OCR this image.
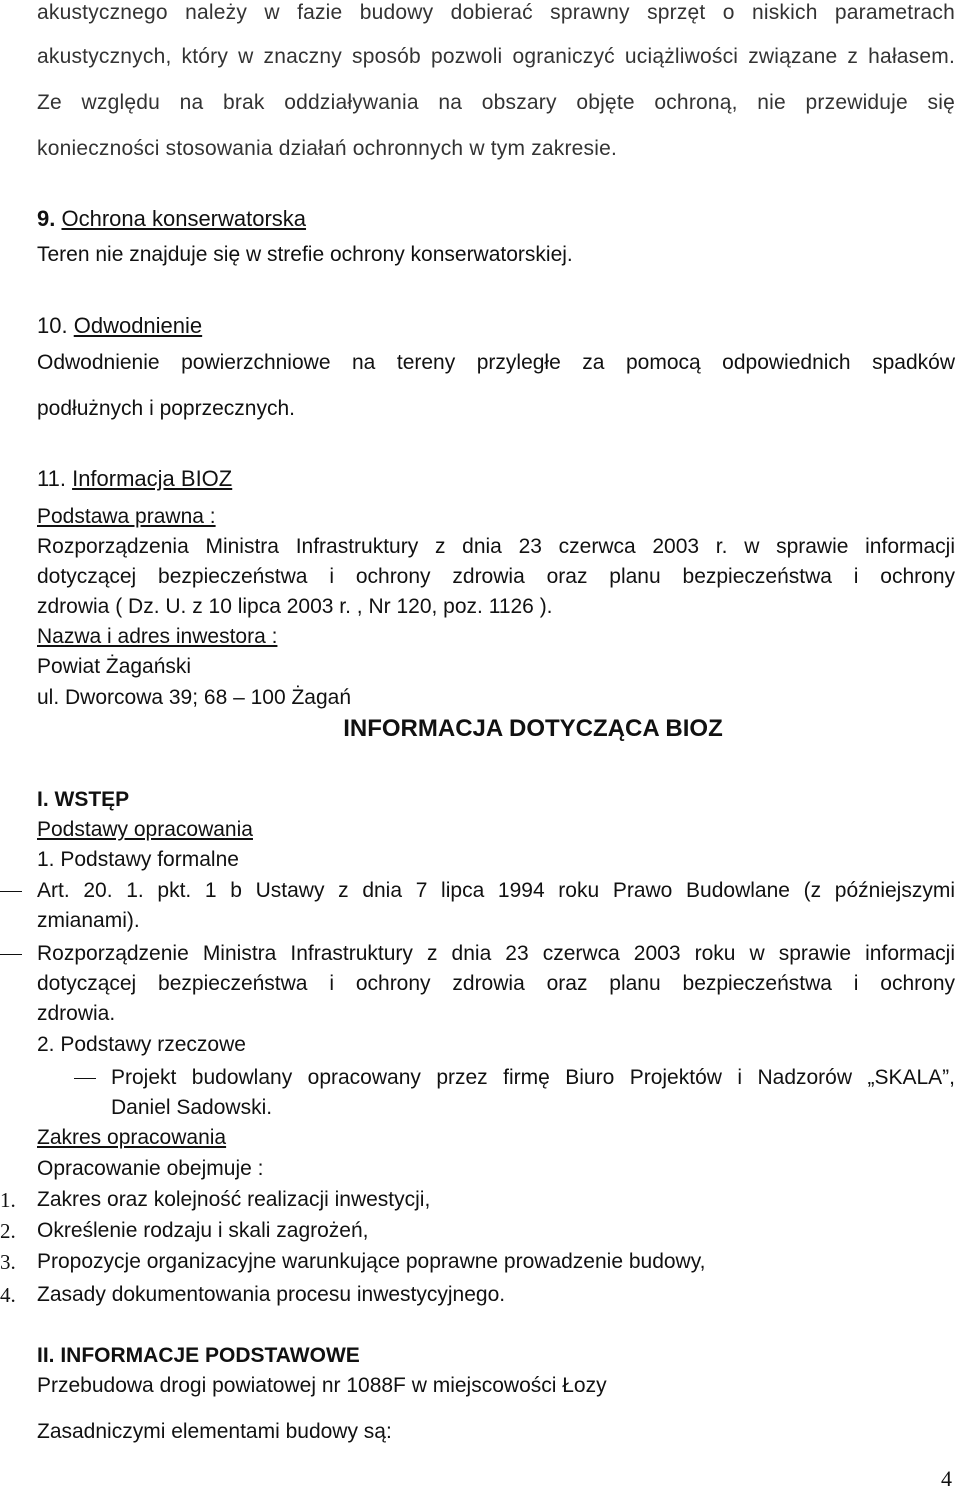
akustycznego należy w fazie budowy dobierać sprawny sprzęt o niskich parametrach
akustycznych, który w znaczny sposób pozwoli ograniczyć uciążliwości związane z hałasem.
Ze względu na brak oddziaływania na obszary objęte ochroną, nie przewiduje się
konieczności stosowania działań ochronnych w tym zakresie.
9. Ochrona konserwatorska
Teren nie znajduje się w strefie ochrony konserwatorskiej.
10. Odwodnienie
Odwodnienie powierzchniowe na tereny przyległe za pomocą odpowiednich spadków
podłużnych i poprzecznych.
11. Informacja BIOZ
Podstawa prawna :
Rozporządzenia Ministra Infrastruktury z dnia 23 czerwca 2003 r. w sprawie informacji
dotyczącej bezpieczeństwa i ochrony zdrowia oraz planu bezpieczeństwa i ochrony
zdrowia ( Dz. U. z 10 lipca 2003 r. , Nr 120, poz. 1126 ).
Nazwa i adres inwestora :
Powiat Żagański
ul. Dworcowa 39; 68 – 100 Żagań
INFORMACJA DOTYCZĄCA BIOZ
I. WSTĘP
Podstawy opracowania
1. Podstawy formalne
Art. 20. 1. pkt. 1 b Ustawy z dnia 7 lipca 1994 roku Prawo Budowlane (z późniejszymi
zmianami).
Rozporządzenie Ministra Infrastruktury z dnia 23 czerwca 2003 roku w sprawie informacji
dotyczącej bezpieczeństwa i ochrony zdrowia oraz planu bezpieczeństwa i ochrony
zdrowia.
2. Podstawy rzeczowe
Projekt budowlany opracowany przez firmę Biuro Projektów i Nadzorów „SKALA”,
Daniel Sadowski.
Zakres opracowania
Opracowanie obejmuje :
1. Zakres oraz kolejność realizacji inwestycji,
2. Określenie rodzaju i skali zagrożeń,
3. Propozycje organizacyjne warunkujące poprawne prowadzenie budowy,
4. Zasady dokumentowania procesu inwestycyjnego.
II. INFORMACJE PODSTAWOWE
Przebudowa drogi powiatowej nr 1088F w miejscowości Łozy
Zasadniczymi elementami budowy są:
4
